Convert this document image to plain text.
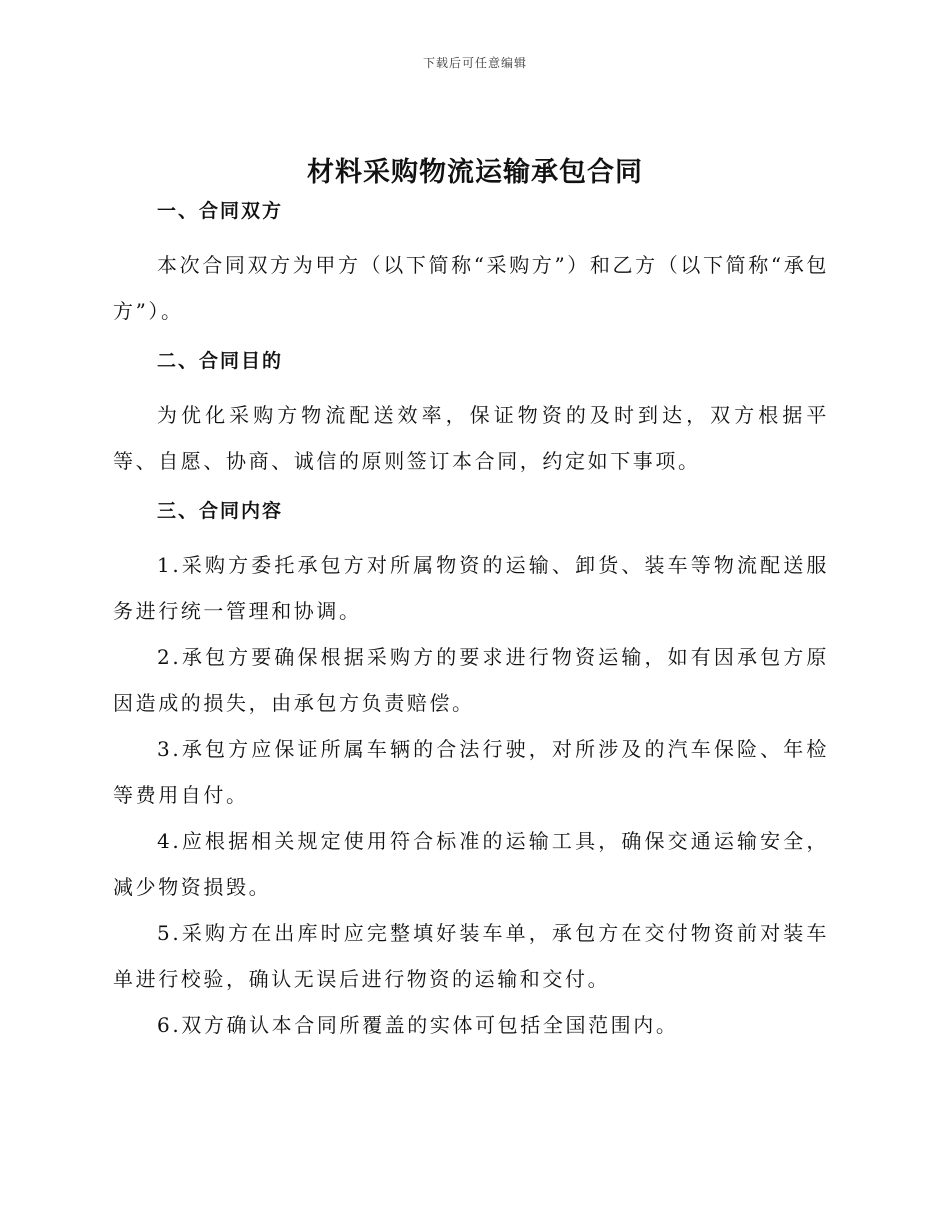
下载后可任意编辑
材料采购物流运输承包合同
一、合同双方

本次合同双方为甲方（以下简称“采购方”）和乙方（以下简称“承包方”）。

二、合同目的

为优化采购方物流配送效率，保证物资的及时到达，双方根据平等、自愿、协商、诚信的原则签订本合同，约定如下事项。

三、合同内容

1.采购方委托承包方对所属物资的运输、卸货、装车等物流配送服务进行统一管理和协调。

2.承包方要确保根据采购方的要求进行物资运输，如有因承包方原因造成的损失，由承包方负责赔偿。

3.承包方应保证所属车辆的合法行驶，对所涉及的汽车保险、年检等费用自付。

4.应根据相关规定使用符合标准的运输工具，确保交通运输安全，减少物资损毁。

5.采购方在出库时应完整填好装车单，承包方在交付物资前对装车单进行校验，确认无误后进行物资的运输和交付。

6.双方确认本合同所覆盖的实体可包括全国范围内。
